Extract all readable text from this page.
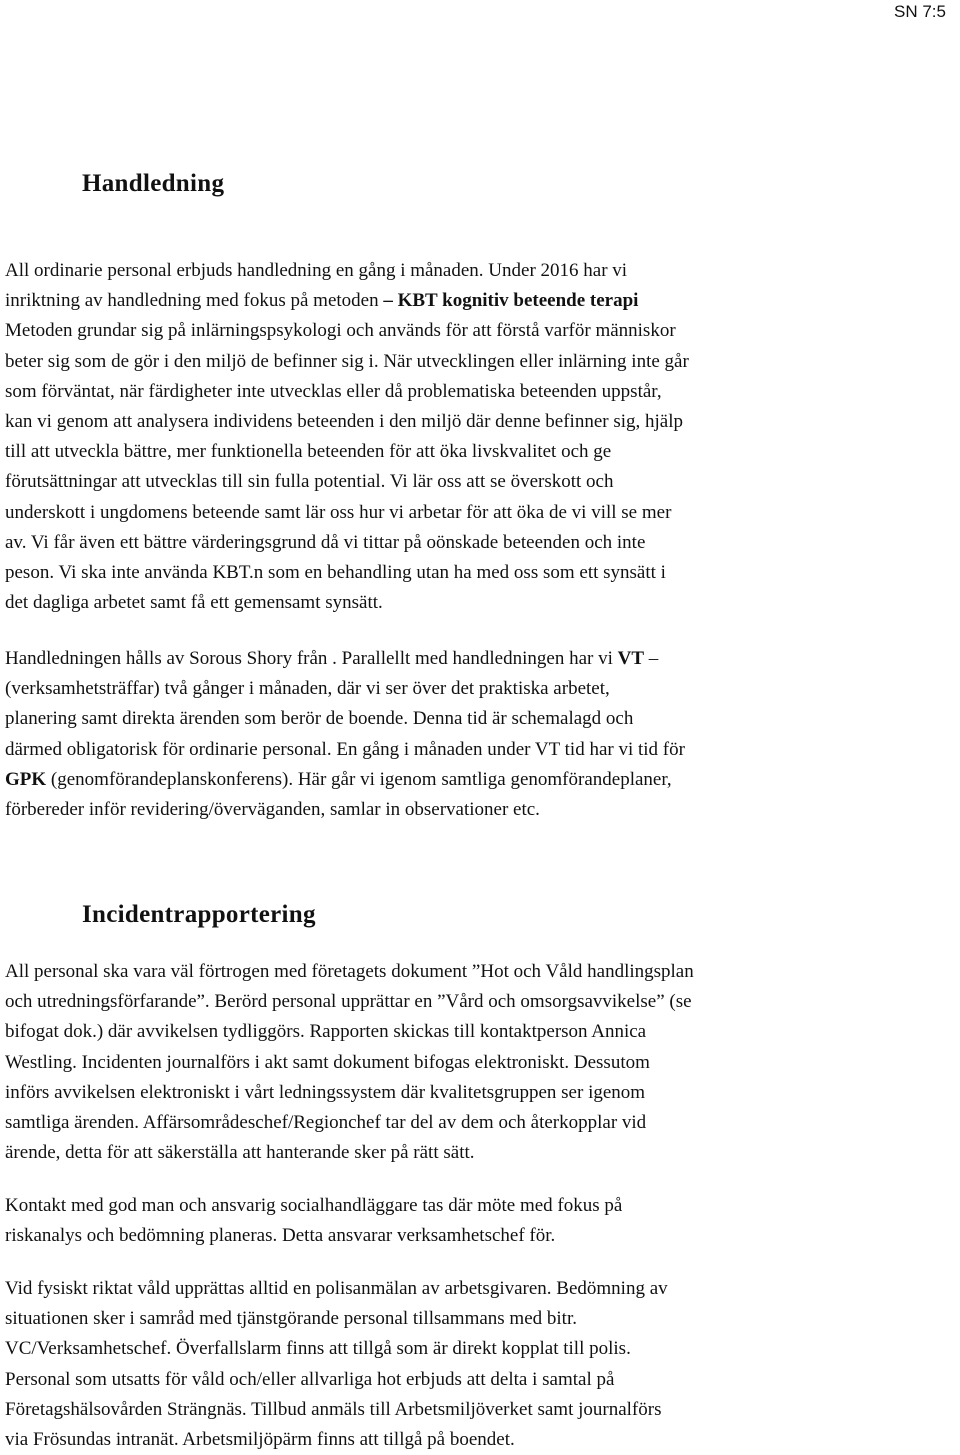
SN 7:5
Handledning
All ordinarie personal erbjuds handledning en gång i månaden. Under 2016 har vi
inriktning av handledning med fokus på metoden – KBT kognitiv beteende terapi
Metoden grundar sig på inlärningspsykologi och används för att förstå varför människor
beter sig som de gör i den miljö de befinner sig i. När utvecklingen eller inlärning inte går
som förväntat, när färdigheter inte utvecklas eller då problematiska beteenden uppstår,
kan vi genom att analysera individens beteenden i den miljö där denne befinner sig, hjälp
till att utveckla bättre, mer funktionella beteenden för att öka livskvalitet och ge
förutsättningar att utvecklas till sin fulla potential. Vi lär oss att se överskott och
underskott i ungdomens beteende samt lär oss hur vi arbetar för att öka de vi vill se mer
av. Vi får även ett bättre värderingsgrund då vi tittar på oönskade beteenden och inte
peson. Vi ska inte använda KBT.n som en behandling utan ha med oss som ett synsätt i
det dagliga arbetet samt få ett gemensamt synsätt.
Handledningen hålls av Sorous Shory från . Parallellt med handledningen har vi VT –
(verksamhetsträffar) två gånger i månaden, där vi ser över det praktiska arbetet,
planering samt direkta ärenden som berör de boende. Denna tid är schemalagd och
därmed obligatorisk för ordinarie personal. En gång i månaden under VT tid har vi tid för
GPK (genomförandeplanskonferens). Här går vi igenom samtliga genomförandeplaner,
förbereder inför revidering/överväganden, samlar in observationer etc.
Incidentrapportering
All personal ska vara väl förtrogen med företagets dokument ”Hot och Våld handlingsplan
och utredningsförfarande”. Berörd personal upprättar en ”Vård och omsorgsavvikelse” (se
bifogat dok.) där avvikelsen tydliggörs. Rapporten skickas till kontaktperson Annica
Westling. Incidenten journalförs i akt samt dokument bifogas elektroniskt. Dessutom
införs avvikelsen elektroniskt i vårt ledningssystem där kvalitetsgruppen ser igenom
samtliga ärenden. Affärsområdeschef/Regionchef tar del av dem och återkopplar vid
ärende, detta för att säkerställa att hanterande sker på rätt sätt.
Kontakt med god man och ansvarig socialhandläggare tas där möte med fokus på
riskanalys och bedömning planeras. Detta ansvarar verksamhetschef för.
Vid fysiskt riktat våld upprättas alltid en polisanmälan av arbetsgivaren. Bedömning av
situationen sker i samråd med tjänstgörande personal tillsammans med bitr.
VC/Verksamhetschef. Överfallslarm finns att tillgå som är direkt kopplat till polis.
Personal som utsatts för våld och/eller allvarliga hot erbjuds att delta i samtal på
Företagshälsovården Strängnäs. Tillbud anmäls till Arbetsmiljöverket samt journalförs
via Frösundas intranät. Arbetsmiljöpärm finns att tillgå på boendet.
